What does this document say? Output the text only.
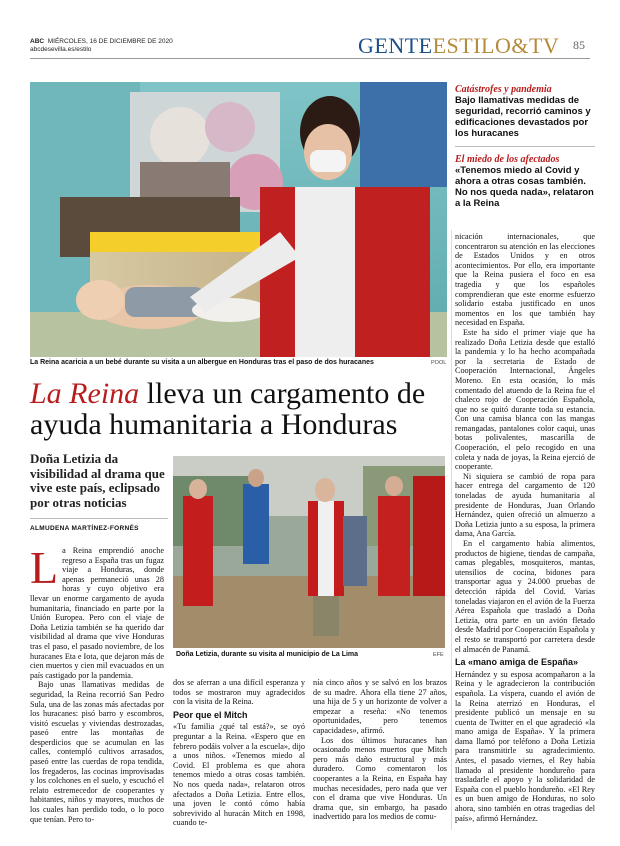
ABC MIÉRCOLES, 16 DE DICIEMBRE DE 2020
abcdesevilla.es/estilo	GENTEESTILO&TV 85
La Reina acaricia a un bebé durante su visita a un albergue en Honduras tras el paso de dos huracanes	POOL
Catástrofes y pandemia
Bajo llamativas medidas de seguridad, recorrió caminos y edificaciones devastados por los huracanes
El miedo de los afectados
«Tenemos miedo al Covid y ahora a otras cosas también. No nos queda nada», relataron a la Reina

nicación internacionales, que concentraron su atención en las elecciones de Estados Unidos y en otros acontecimientos. Por ello, era importante que la Reina pusiera el foco en esa tragedia y que los españoles comprendieran que este enorme esfuerzo solidario estaba justificado en unos momentos en los que también hay necesidad en España.

Este ha sido el primer viaje que ha realizado Doña Letizia desde que estalló la pandemia y lo ha hecho acompañada por la secretaria de Estado de Cooperación Internacional, Ángeles Moreno. En esta ocasión, lo más comentado del atuendo de la Reina fue el chaleco rojo de Cooperación Española, que no se quitó durante toda su estancia. Con una camisa blanca con las mangas remangadas, pantalones color caqui, unas botas polivalentes, mascarilla de Cooperación, el pelo recogido en una coleta y nada de joyas, la Reina ejerció de cooperante.

Ni siquiera se cambió de ropa para hacer entrega del cargamento de 120 toneladas de ayuda humanitaria al presidente de Honduras, Juan Orlando Hernández, quien ofreció un almuerzo a Doña Letizia junto a su esposa, la primera dama, Ana García.

En el cargamento había alimentos, productos de higiene, tiendas de campaña, camas plegables, mosquiteros, mantas, utensilios de cocina, bidones para transportar agua y 24.000 pruebas de detección rápida del Covid. Varias toneladas viajaron en el avión de la Fuerza Aérea Española que trasladó a Doña Letizia, otra parte en un avión fletado desde Madrid por Cooperación Española y el resto se transportó por carretera desde el almacén de Panamá.

La «mano amiga de España»

Hernández y su esposa acompañaron a la Reina y le agradecieron la contribución española. La víspera, cuando el avión de la Reina aterrizó en Honduras, el presidente publicó un mensaje en su cuenta de Twitter en el que agradeció «la mano amiga de España». Y la primera dama llamó por teléfono a Doña Letizia para transmitirle su agradecimiento. Antes, el pasado viernes, el Rey había llamado al presidente hondureño para trasladarle el apoyo y la solidaridad de España con el pueblo hondureño. «El Rey es un buen amigo de Honduras, no solo ahora, sino también en otras tragedias del país», afirmó Hernández.

La Reina lleva un cargamento de
ayuda humanitaria a Honduras
Doña Letizia da visibilidad al drama que vive este país, eclipsado por otras noticias
ALMUDENA MARTÍNEZ-FORNÉS
Doña Letizia, durante su visita al municipio de La Lima	EFE
L a Reina emprendió anoche regreso a España tras un fugaz viaje a Honduras, donde apenas permaneció unas 28 horas y cuyo objetivo era llevar un enorme cargamento de ayuda humanitaria, financiado en parte por la Unión Europea. Pero con el viaje de Doña Letizia también se ha querido dar visibilidad al drama que vive Honduras tras el paso, el pasado noviembre, de los huracanes Eta e Iota, que dejaron más de cien muertos y cien mil evacuados en un país castigado por la pandemia.

Bajo unas llamativas medidas de seguridad, la Reina recorrió San Pedro Sula, una de las zonas más afectadas por los huracanes: pisó barro y escombros, visitó escuelas y viviendas destrozadas, paseó entre las montañas de desperdicios que se acumulan en las calles, contempló cultivos arrasados, paseó entre las cuerdas de ropa tendida, los fregaderos, las cocinas improvisadas y los colchones en el suelo, y escuchó el relato estremecedor de cooperantes y habitantes, niños y mayores, muchos de los cuales han perdido todo, o lo poco que tenían. Pero to-

dos se aferran a una difícil esperanza y todos se mostraron muy agradecidos con la visita de la Reina.

Peor que el Mitch

«Tu familia ¿qué tal está?», se oyó preguntar a la Reina. «Espero que en febrero podáis volver a la escuela», dijo a unos niños. «Tenemos miedo al Covid. El problema es que ahora tenemos miedo a otras cosas también. No nos queda nada», relataron otros afectados a Doña Letizia. Entre ellos, una joven le contó cómo había sobrevivido al huracán Mitch en 1998, cuando te-

nía cinco años y se salvó en los brazos de su madre. Ahora ella tiene 27 años, una hija de 5 y un horizonte de volver a empezar a reseña: «No tenemos oportunidades, pero tenemos capacidades», afirmó.

Los dos últimos huracanes han ocasionado menos muertos que Mitch pero más daño estructural y más duradero. Como comentaron los cooperantes a la Reina, en España hay muchas necesidades, pero nada que ver con el drama que vive Honduras. Un drama que, sin embargo, ha pasado inadvertido para los medios de comu-
